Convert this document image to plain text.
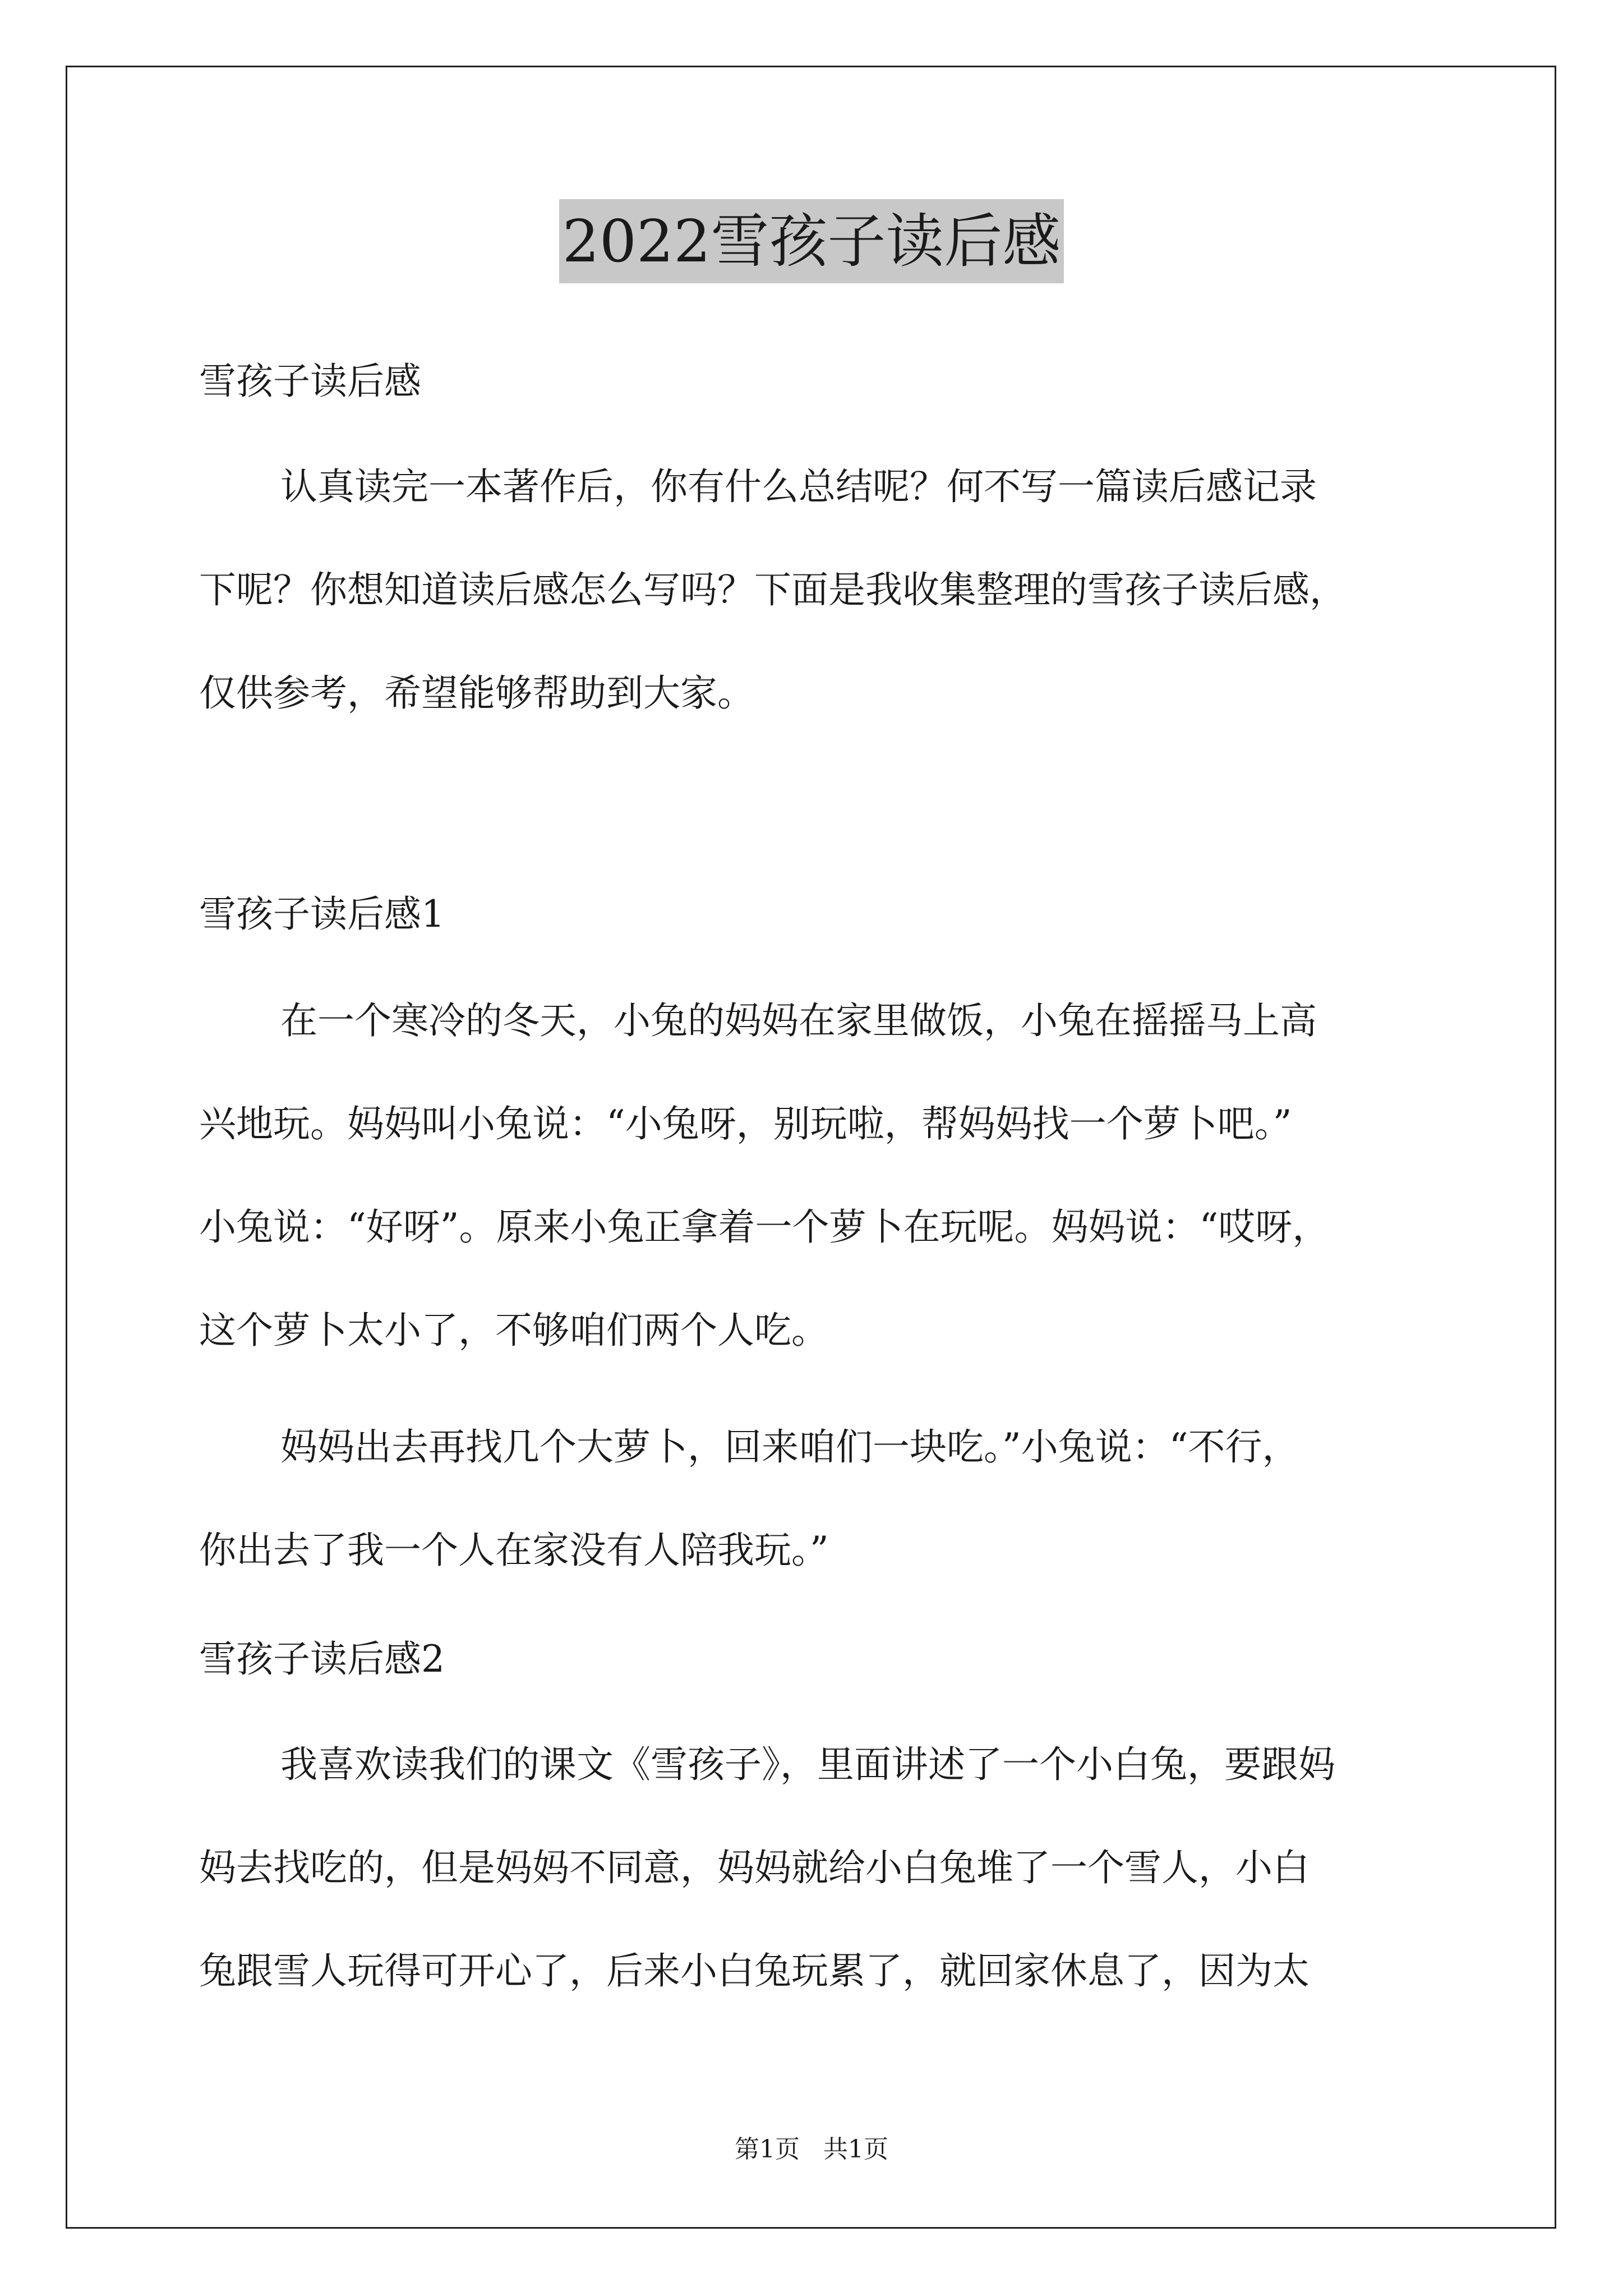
2022雪孩子读后感
雪孩子读后感
认真读完一本著作后，你有什么总结呢？何不写一篇读后感记录
下呢？你想知道读后感怎么写吗？下面是我收集整理的雪孩子读后感，
仅供参考，希望能够帮助到大家。
雪孩子读后感1
在一个寒冷的冬天，小兔的妈妈在家里做饭，小兔在摇摇马上高
兴地玩。妈妈叫小兔说：“小兔呀，别玩啦，帮妈妈找一个萝卜吧。”
小兔说：“好呀”。原来小兔正拿着一个萝卜在玩呢。妈妈说：“哎呀，
这个萝卜太小了，不够咱们两个人吃。
妈妈出去再找几个大萝卜，回来咱们一块吃。”小兔说：“不行，
你出去了我一个人在家没有人陪我玩。”
雪孩子读后感2
我喜欢读我们的课文《雪孩子》，里面讲述了一个小白兔，要跟妈
妈去找吃的，但是妈妈不同意，妈妈就给小白兔堆了一个雪人，小白
兔跟雪人玩得可开心了，后来小白兔玩累了，就回家休息了，因为太
第1页   共1页
